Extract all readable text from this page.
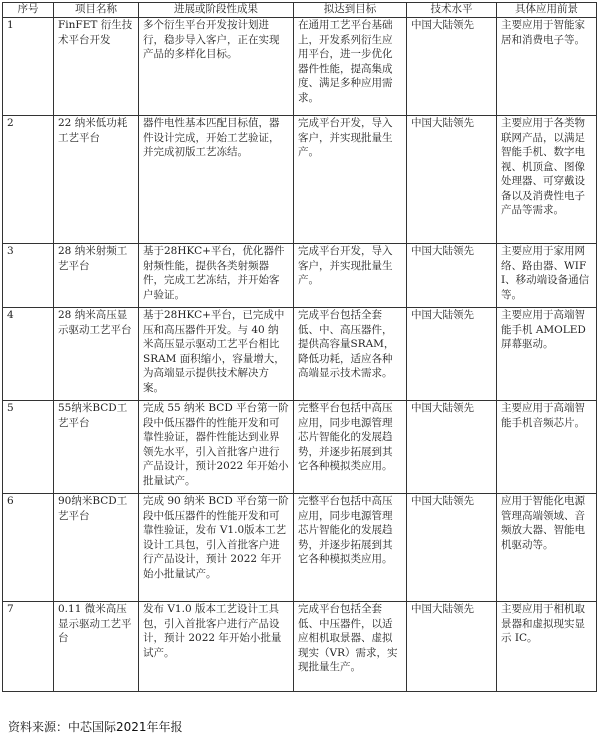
序号	项目名称	进展或阶段性成果	拟达到目标	技术水平	具体应用前景
1	FinFET 衍生技术平台开发	多个衍生平台开发按计划进行，稳步导入客户，正在实现产品的多样化目标。	在通用工艺平台基础上，开发系列衍生应用平台，进一步优化器件性能，提高集成度、满足多种应用需求。	中国大陆领先	主要应用于智能家居和消费电子等。
2	22 纳米低功耗工艺平台	器件电性基本匹配目标值，器件设计完成，开始工艺验证，并完成初版工艺冻结。	完成平台开发，导入客户，并实现批量生产。	中国大陆领先	主要应用于各类物联网产品，以满足智能手机、数字电视、机顶盒、图像处理器、可穿戴设备以及消费性电子产品等需求。
3	28 纳米射频工艺平台	基于28HKC+平台，优化器件射频性能，提供各类射频器件，完成工艺冻结，并开始客户验证。	完成平台开发，导入客户，并实现批量生产。	中国大陆领先	主要应用于家用网络、路由器、WIFI、移动端设备通信等。
4	28 纳米高压显示驱动工艺平台	基于28HKC+平台，已完成中压和高压器件开发。与 40 纳米高压显示驱动工艺平台相比 SRAM 面积缩小，容量增大，为高端显示提供技术解决方案。	完成平台包括全套低、中、高压器件，提供高容量SRAM，降低功耗，适应各种高端显示技术需求。	中国大陆领先	主要应用于高端智能手机 AMOLED 屏幕驱动。
5	55纳米BCD工艺平台	完成 55 纳米 BCD 平台第一阶段中低压器件的性能开发和可靠性验证，器件性能达到业界领先水平，引入首批客户进行产品设计，预计2022 年开始小批量试产。	完整平台包括中高压应用，同步电源管理芯片智能化的发展趋势，并逐步拓展到其它各种模拟类应用。	中国大陆领先	主要应用于高端智能手机音频芯片。
6	90纳米BCD工艺平台	完成 90 纳米 BCD 平台第一阶段中低压器件的性能开发和可靠性验证，发布 V1.0版本工艺设计工具包，引入首批客户进行产品设计，预计 2022 年开始小批量试产。	完整平台包括中高压应用，同步电源管理芯片智能化的发展趋势，并逐步拓展到其它各种模拟类应用。	中国大陆领先	应用于智能化电源管理高端领域、音频放大器、智能电机驱动等。
7	0.11 微米高压显示驱动工艺平台	发布 V1.0 版本工艺设计工具包，引入首批客户进行产品设计，预计 2022 年开始小批量试产。	完成平台包括全套低、中压器件，以适应相机取景器、虚拟现实（VR）需求，实现批量生产。	中国大陆领先	主要应用于相机取景器和虚拟现实显示 IC。
资料来源：中芯国际2021年年报
